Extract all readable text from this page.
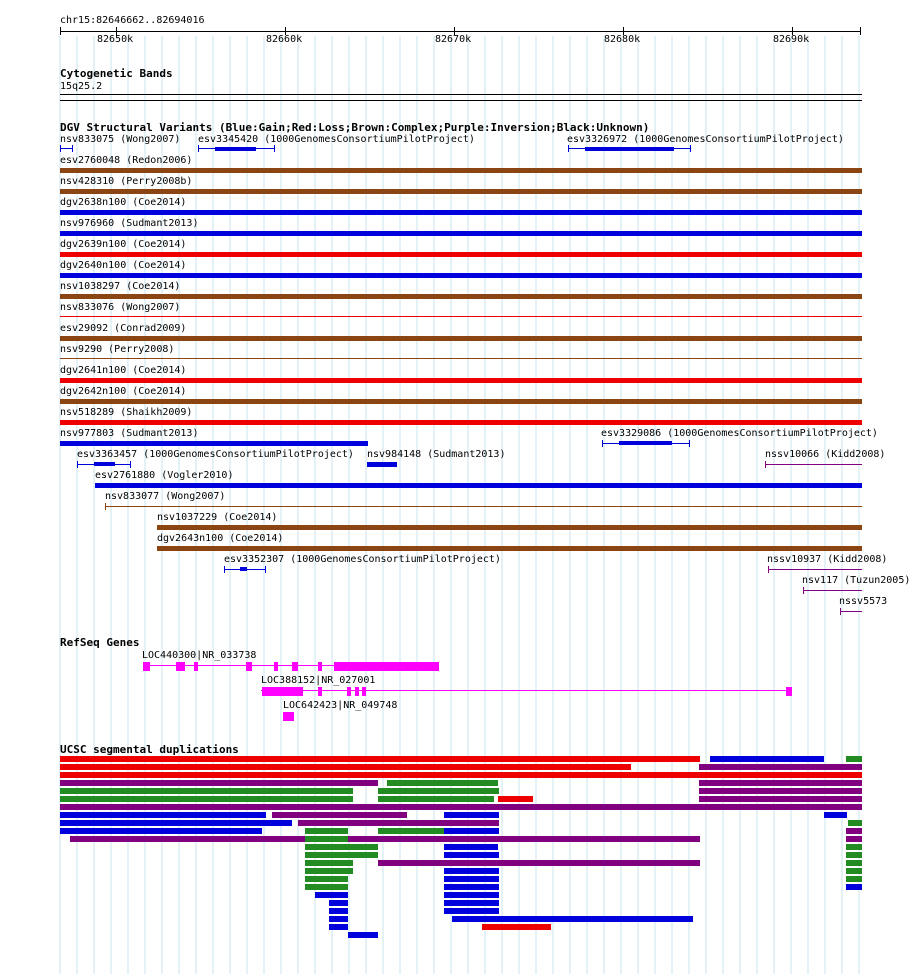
chr15:82646662..82694016
82650k	82660k	82670k	82680k	82690k
Cytogenetic Bands
15q25.2
DGV Structural Variants (Blue:Gain;Red:Loss;Brown:Complex;Purple:Inversion;Black:Unknown)
RefSeq Genes
UCSC segmental duplications
nsv833075 (Wong2007) esv3345420 (1000GenomesConsortiumPilotProject)	esv3326972 (1000GenomesConsortiumPilotProject)
esv2760048 (Redon2006)
nsv428310 (Perry2008b)
dgv2638n100 (Coe2014)
nsv976960 (Sudmant2013)
dgv2639n100 (Coe2014)
dgv2640n100 (Coe2014)
nsv1038297 (Coe2014)
nsv833076 (Wong2007)
esv29092 (Conrad2009)
nsv9290 (Perry2008)
dgv2641n100 (Coe2014)
dgv2642n100 (Coe2014)
nsv518289 (Shaikh2009)
nsv977803 (Sudmant2013)	esv3329086 (1000GenomesConsortiumPilotProject)
esv3363457 (1000GenomesConsortiumPilotProject) nsv984148 (Sudmant2013)	nssv10066 (Kidd2008)
esv2761880 (Vogler2010)
nsv833077 (Wong2007)
nsv1037229 (Coe2014)
dgv2643n100 (Coe2014)
esv3352307 (1000GenomesConsortiumPilotProject)	nssv10937 (Kidd2008)
nsv117 (Tuzun2005)
nssv5573
LOC440300|NR_033738
LOC388152|NR_027001
LOC642423|NR_049748
